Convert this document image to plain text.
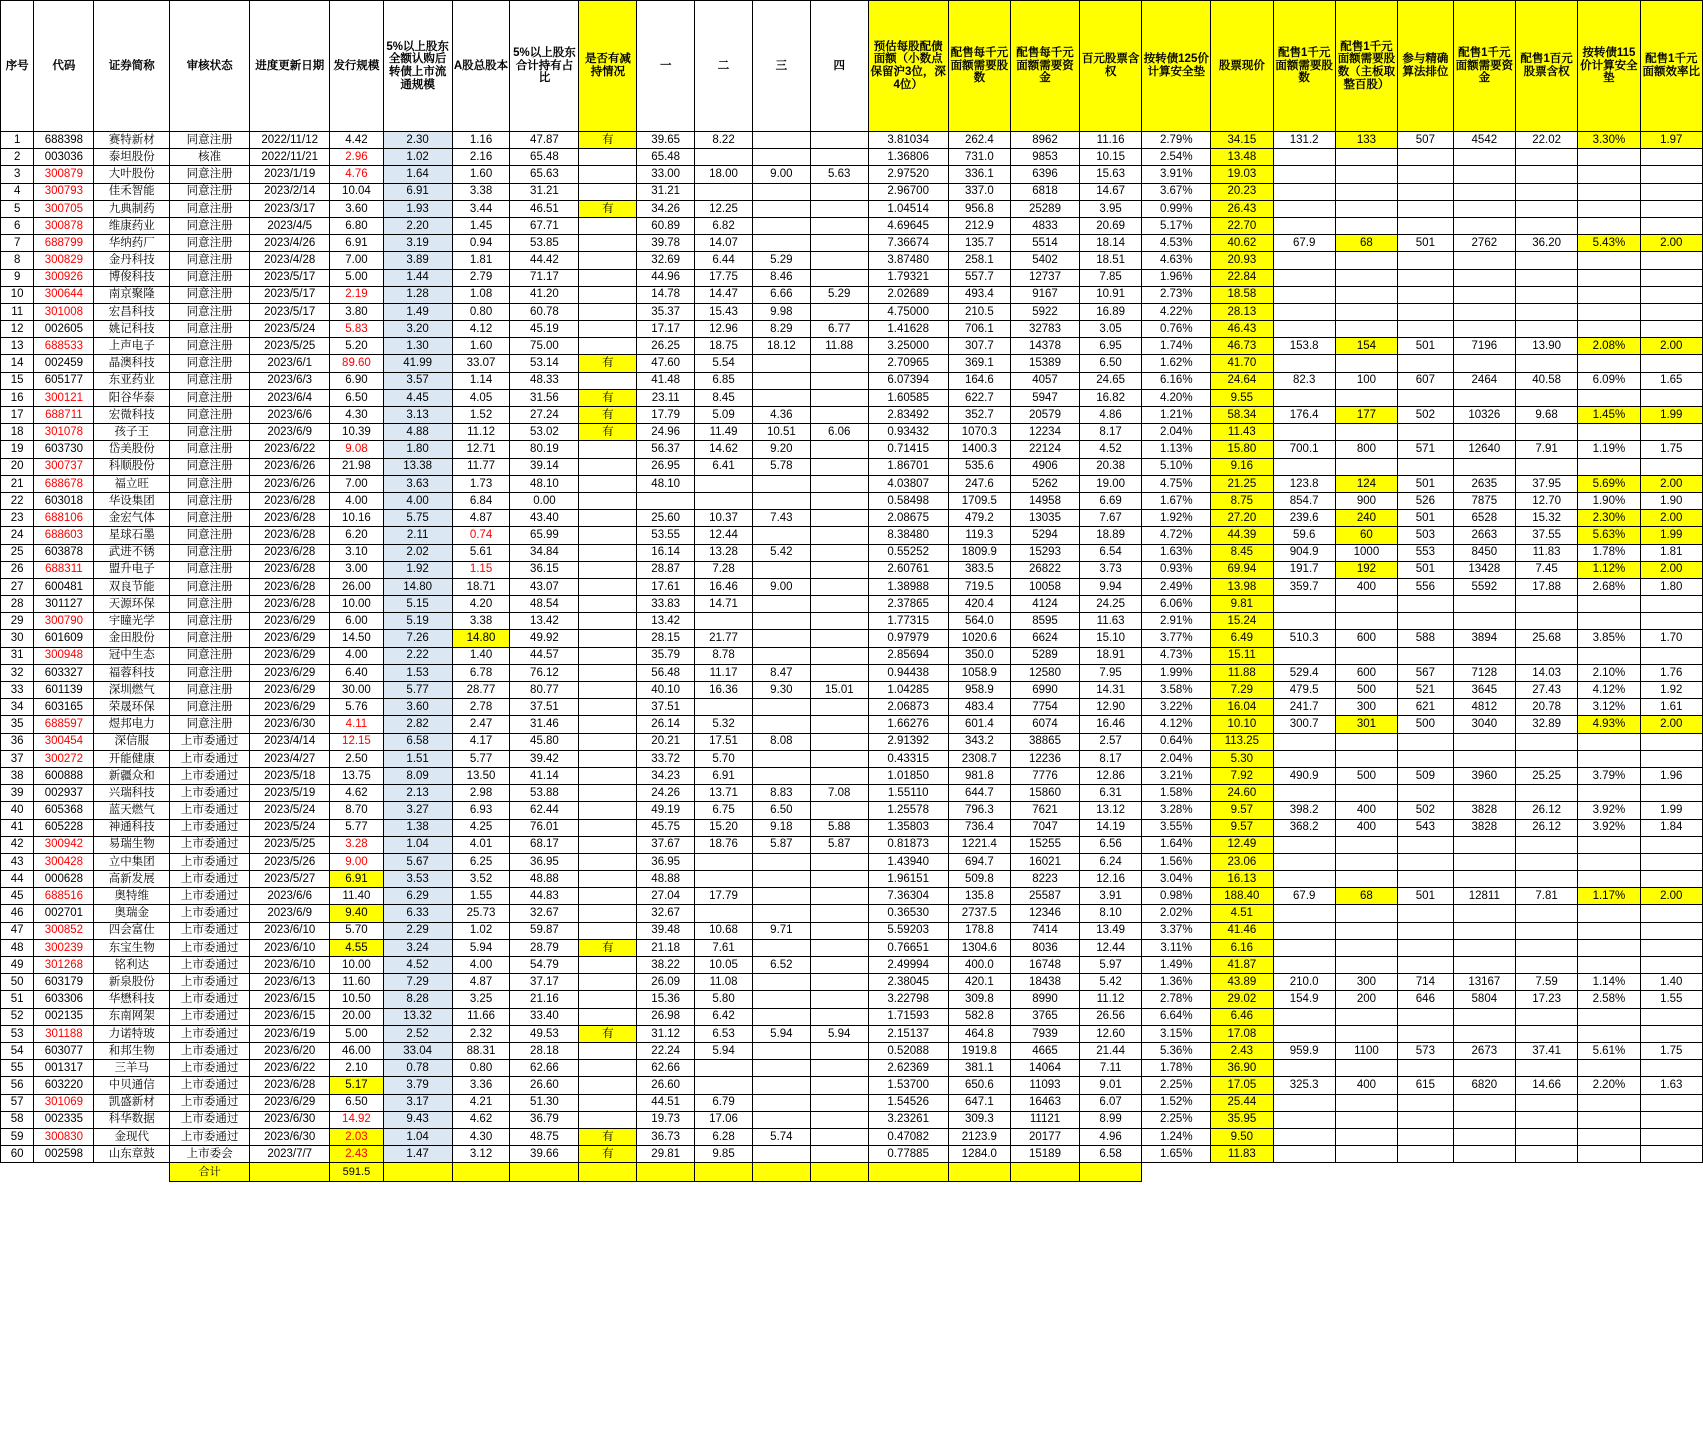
序号	代码	证券简称	审核状态	进度更新日期	发行规模	5%以上股东全额认购后转债上市流通规模	A股总股本	5%以上股东合计持有占比	是否有减持情况	一	二	三	四	预估每股配债面额（小数点保留沪3位，深4位）	配售每千元面额需要股数	配售每千元面额需要资金	百元股票含权	按转债125价计算安全垫	股票现价	配售1千元面额需要股数	配售1千元面额需要股数（主板取整百股）	参与精确算法排位	配售1千元面额需要资金	配售1百元股票含权	按转债115价计算安全垫	配售1千元面额效率比
1	688398	赛特新材	同意注册	2022/11/12	4.42	2.30	1.16	47.87	有	39.65	8.22			3.81034	262.4	8962	11.16	2.79%	34.15	131.2	133	507	4542	22.02	3.30%	1.97
2	003036	泰坦股份	核准	2022/11/21	2.96	1.02	2.16	65.48		65.48				1.36806	731.0	9853	10.15	2.54%	13.48							
3	300879	大叶股份	同意注册	2023/1/19	4.76	1.64	1.60	65.63		33.00	18.00	9.00	5.63	2.97520	336.1	6396	15.63	3.91%	19.03							
4	300793	佳禾智能	同意注册	2023/2/14	10.04	6.91	3.38	31.21		31.21				2.96700	337.0	6818	14.67	3.67%	20.23							
5	300705	九典制药	同意注册	2023/3/17	3.60	1.93	3.44	46.51	有	34.26	12.25			1.04514	956.8	25289	3.95	0.99%	26.43							
6	300878	维康药业	同意注册	2023/4/5	6.80	2.20	1.45	67.71		60.89	6.82			4.69645	212.9	4833	20.69	5.17%	22.70							
7	688799	华纳药厂	同意注册	2023/4/26	6.91	3.19	0.94	53.85		39.78	14.07			7.36674	135.7	5514	18.14	4.53%	40.62	67.9	68	501	2762	36.20	5.43%	2.00
8	300829	金丹科技	同意注册	2023/4/28	7.00	3.89	1.81	44.42		32.69	6.44	5.29		3.87480	258.1	5402	18.51	4.63%	20.93							
9	300926	博俊科技	同意注册	2023/5/17	5.00	1.44	2.79	71.17		44.96	17.75	8.46		1.79321	557.7	12737	7.85	1.96%	22.84							
10	300644	南京聚隆	同意注册	2023/5/17	2.19	1.28	1.08	41.20		14.78	14.47	6.66	5.29	2.02689	493.4	9167	10.91	2.73%	18.58							
11	301008	宏昌科技	同意注册	2023/5/17	3.80	1.49	0.80	60.78		35.37	15.43	9.98		4.75000	210.5	5922	16.89	4.22%	28.13							
12	002605	姚记科技	同意注册	2023/5/24	5.83	3.20	4.12	45.19		17.17	12.96	8.29	6.77	1.41628	706.1	32783	3.05	0.76%	46.43							
13	688533	上声电子	同意注册	2023/5/25	5.20	1.30	1.60	75.00		26.25	18.75	18.12	11.88	3.25000	307.7	14378	6.95	1.74%	46.73	153.8	154	501	7196	13.90	2.08%	2.00
14	002459	晶澳科技	同意注册	2023/6/1	89.60	41.99	33.07	53.14	有	47.60	5.54			2.70965	369.1	15389	6.50	1.62%	41.70							
15	605177	东亚药业	同意注册	2023/6/3	6.90	3.57	1.14	48.33		41.48	6.85			6.07394	164.6	4057	24.65	6.16%	24.64	82.3	100	607	2464	40.58	6.09%	1.65
16	300121	阳谷华泰	同意注册	2023/6/4	6.50	4.45	4.05	31.56	有	23.11	8.45			1.60585	622.7	5947	16.82	4.20%	9.55							
17	688711	宏微科技	同意注册	2023/6/6	4.30	3.13	1.52	27.24	有	17.79	5.09	4.36		2.83492	352.7	20579	4.86	1.21%	58.34	176.4	177	502	10326	9.68	1.45%	1.99
18	301078	孩子王	同意注册	2023/6/9	10.39	4.88	11.12	53.02	有	24.96	11.49	10.51	6.06	0.93432	1070.3	12234	8.17	2.04%	11.43							
19	603730	岱美股份	同意注册	2023/6/22	9.08	1.80	12.71	80.19		56.37	14.62	9.20		0.71415	1400.3	22124	4.52	1.13%	15.80	700.1	800	571	12640	7.91	1.19%	1.75
20	300737	科顺股份	同意注册	2023/6/26	21.98	13.38	11.77	39.14		26.95	6.41	5.78		1.86701	535.6	4906	20.38	5.10%	9.16							
21	688678	福立旺	同意注册	2023/6/26	7.00	3.63	1.73	48.10		48.10				4.03807	247.6	5262	19.00	4.75%	21.25	123.8	124	501	2635	37.95	5.69%	2.00
22	603018	华设集团	同意注册	2023/6/28	4.00	4.00	6.84	0.00						0.58498	1709.5	14958	6.69	1.67%	8.75	854.7	900	526	7875	12.70	1.90%	1.90
23	688106	金宏气体	同意注册	2023/6/28	10.16	5.75	4.87	43.40		25.60	10.37	7.43		2.08675	479.2	13035	7.67	1.92%	27.20	239.6	240	501	6528	15.32	2.30%	2.00
24	688603	星球石墨	同意注册	2023/6/28	6.20	2.11	0.74	65.99		53.55	12.44			8.38480	119.3	5294	18.89	4.72%	44.39	59.6	60	503	2663	37.55	5.63%	1.99
25	603878	武进不锈	同意注册	2023/6/28	3.10	2.02	5.61	34.84		16.14	13.28	5.42		0.55252	1809.9	15293	6.54	1.63%	8.45	904.9	1000	553	8450	11.83	1.78%	1.81
26	688311	盟升电子	同意注册	2023/6/28	3.00	1.92	1.15	36.15		28.87	7.28			2.60761	383.5	26822	3.73	0.93%	69.94	191.7	192	501	13428	7.45	1.12%	2.00
27	600481	双良节能	同意注册	2023/6/28	26.00	14.80	18.71	43.07		17.61	16.46	9.00		1.38988	719.5	10058	9.94	2.49%	13.98	359.7	400	556	5592	17.88	2.68%	1.80
28	301127	天源环保	同意注册	2023/6/28	10.00	5.15	4.20	48.54		33.83	14.71			2.37865	420.4	4124	24.25	6.06%	9.81							
29	300790	宇瞳光学	同意注册	2023/6/29	6.00	5.19	3.38	13.42		13.42				1.77315	564.0	8595	11.63	2.91%	15.24							
30	601609	金田股份	同意注册	2023/6/29	14.50	7.26	14.80	49.92		28.15	21.77			0.97979	1020.6	6624	15.10	3.77%	6.49	510.3	600	588	3894	25.68	3.85%	1.70
31	300948	冠中生态	同意注册	2023/6/29	4.00	2.22	1.40	44.57		35.79	8.78			2.85694	350.0	5289	18.91	4.73%	15.11							
32	603327	福蓉科技	同意注册	2023/6/29	6.40	1.53	6.78	76.12		56.48	11.17	8.47		0.94438	1058.9	12580	7.95	1.99%	11.88	529.4	600	567	7128	14.03	2.10%	1.76
33	601139	深圳燃气	同意注册	2023/6/29	30.00	5.77	28.77	80.77		40.10	16.36	9.30	15.01	1.04285	958.9	6990	14.31	3.58%	7.29	479.5	500	521	3645	27.43	4.12%	1.92
34	603165	荣晟环保	同意注册	2023/6/29	5.76	3.60	2.78	37.51		37.51				2.06873	483.4	7754	12.90	3.22%	16.04	241.7	300	621	4812	20.78	3.12%	1.61
35	688597	煜邦电力	同意注册	2023/6/30	4.11	2.82	2.47	31.46		26.14	5.32			1.66276	601.4	6074	16.46	4.12%	10.10	300.7	301	500	3040	32.89	4.93%	2.00
36	300454	深信服	上市委通过	2023/4/14	12.15	6.58	4.17	45.80		20.21	17.51	8.08		2.91392	343.2	38865	2.57	0.64%	113.25							
37	300272	开能健康	上市委通过	2023/4/27	2.50	1.51	5.77	39.42		33.72	5.70			0.43315	2308.7	12236	8.17	2.04%	5.30							
38	600888	新疆众和	上市委通过	2023/5/18	13.75	8.09	13.50	41.14		34.23	6.91			1.01850	981.8	7776	12.86	3.21%	7.92	490.9	500	509	3960	25.25	3.79%	1.96
39	002937	兴瑞科技	上市委通过	2023/5/19	4.62	2.13	2.98	53.88		24.26	13.71	8.83	7.08	1.55110	644.7	15860	6.31	1.58%	24.60							
40	605368	蓝天燃气	上市委通过	2023/5/24	8.70	3.27	6.93	62.44		49.19	6.75	6.50		1.25578	796.3	7621	13.12	3.28%	9.57	398.2	400	502	3828	26.12	3.92%	1.99
41	605228	神通科技	上市委通过	2023/5/24	5.77	1.38	4.25	76.01		45.75	15.20	9.18	5.88	1.35803	736.4	7047	14.19	3.55%	9.57	368.2	400	543	3828	26.12	3.92%	1.84
42	300942	易瑞生物	上市委通过	2023/5/25	3.28	1.04	4.01	68.17		37.67	18.76	5.87	5.87	0.81873	1221.4	15255	6.56	1.64%	12.49							
43	300428	立中集团	上市委通过	2023/5/26	9.00	5.67	6.25	36.95		36.95				1.43940	694.7	16021	6.24	1.56%	23.06							
44	000628	高新发展	上市委通过	2023/5/27	6.91	3.53	3.52	48.88		48.88				1.96151	509.8	8223	12.16	3.04%	16.13							
45	688516	奥特维	上市委通过	2023/6/6	11.40	6.29	1.55	44.83		27.04	17.79			7.36304	135.8	25587	3.91	0.98%	188.40	67.9	68	501	12811	7.81	1.17%	2.00
46	002701	奥瑞金	上市委通过	2023/6/9	9.40	6.33	25.73	32.67		32.67				0.36530	2737.5	12346	8.10	2.02%	4.51							
47	300852	四会富仕	上市委通过	2023/6/10	5.70	2.29	1.02	59.87		39.48	10.68	9.71		5.59203	178.8	7414	13.49	3.37%	41.46							
48	300239	东宝生物	上市委通过	2023/6/10	4.55	3.24	5.94	28.79	有	21.18	7.61			0.76651	1304.6	8036	12.44	3.11%	6.16							
49	301268	铭利达	上市委通过	2023/6/10	10.00	4.52	4.00	54.79		38.22	10.05	6.52		2.49994	400.0	16748	5.97	1.49%	41.87							
50	603179	新泉股份	上市委通过	2023/6/13	11.60	7.29	4.87	37.17		26.09	11.08			2.38045	420.1	18438	5.42	1.36%	43.89	210.0	300	714	13167	7.59	1.14%	1.40
51	603306	华懋科技	上市委通过	2023/6/15	10.50	8.28	3.25	21.16		15.36	5.80			3.22798	309.8	8990	11.12	2.78%	29.02	154.9	200	646	5804	17.23	2.58%	1.55
52	002135	东南网架	上市委通过	2023/6/15	20.00	13.32	11.66	33.40		26.98	6.42			1.71593	582.8	3765	26.56	6.64%	6.46							
53	301188	力诺特玻	上市委通过	2023/6/19	5.00	2.52	2.32	49.53	有	31.12	6.53	5.94	5.94	2.15137	464.8	7939	12.60	3.15%	17.08							
54	603077	和邦生物	上市委通过	2023/6/20	46.00	33.04	88.31	28.18		22.24	5.94			0.52088	1919.8	4665	21.44	5.36%	2.43	959.9	1100	573	2673	37.41	5.61%	1.75
55	001317	三羊马	上市委通过	2023/6/22	2.10	0.78	0.80	62.66		62.66				2.62369	381.1	14064	7.11	1.78%	36.90							
56	603220	中贝通信	上市委通过	2023/6/28	5.17	3.79	3.36	26.60		26.60				1.53700	650.6	11093	9.01	2.25%	17.05	325.3	400	615	6820	14.66	2.20%	1.63
57	301069	凯盛新材	上市委通过	2023/6/29	6.50	3.17	4.21	51.30		44.51	6.79			1.54526	647.1	16463	6.07	1.52%	25.44							
58	002335	科华数据	上市委通过	2023/6/30	14.92	9.43	4.62	36.79		19.73	17.06			3.23261	309.3	11121	8.99	2.25%	35.95							
59	300830	金现代	上市委通过	2023/6/30	2.03	1.04	4.30	48.75	有	36.73	6.28	5.74		0.47082	2123.9	20177	4.96	1.24%	9.50							
60	002598	山东章鼓	上市委会	2023/7/7	2.43	1.47	3.12	39.66	有	29.81	9.85			0.77885	1284.0	15189	6.58	1.65%	11.83							
			合计		591.5																					
